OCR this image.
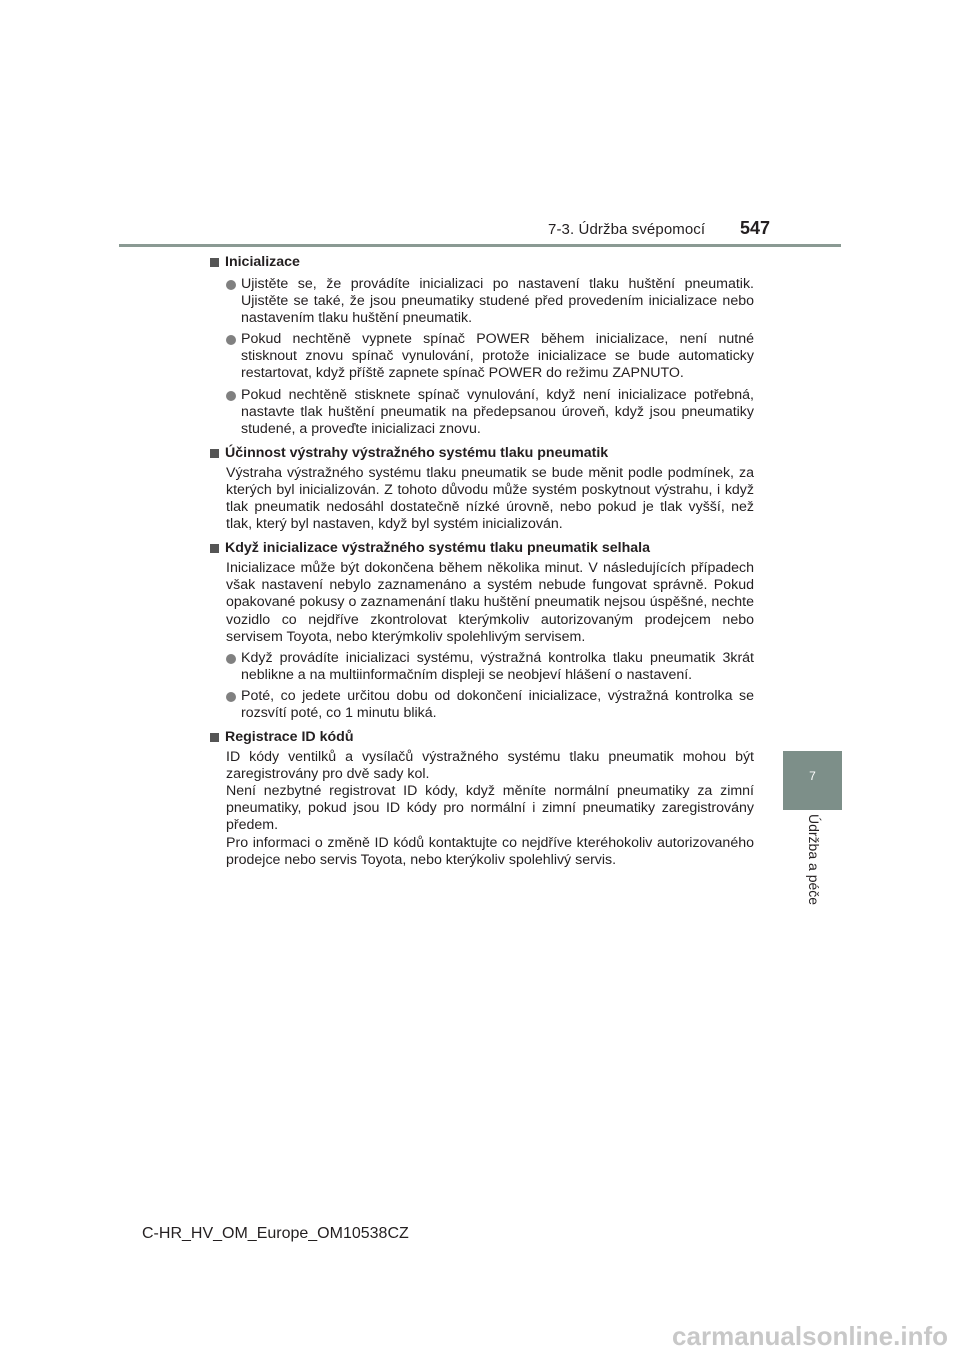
7-3. Údržba svépomocí 547
7
Údržba a péče
Inicializace
Ujistěte se, že provádíte inicializaci po nastavení tlaku huštění pneumatik. Ujistěte se také, že jsou pneumatiky studené před provedením inicializace nebo nastavením tlaku huštění pneumatik.
Pokud nechtěně vypnete spínač POWER během inicializace, není nutné stisknout znovu spínač vynulování, protože inicializace se bude automaticky restartovat, když příště zapnete spínač POWER do režimu ZAPNUTO.
Pokud nechtěně stisknete spínač vynulování, když není inicializace potřebná, nastavte tlak huštění pneumatik na předepsanou úroveň, když jsou pneumatiky studené, a proveďte inicializaci znovu.
Účinnost výstrahy výstražného systému tlaku pneumatik
Výstraha výstražného systému tlaku pneumatik se bude měnit podle podmínek, za kterých byl inicializován. Z tohoto důvodu může systém poskytnout výstrahu, i když tlak pneumatik nedosáhl dostatečně nízké úrovně, nebo pokud je tlak vyšší, než tlak, který byl nastaven, když byl systém inicializován.
Když inicializace výstražného systému tlaku pneumatik selhala
Inicializace může být dokončena během několika minut. V následujících případech však nastavení nebylo zaznamenáno a systém nebude fungovat správně. Pokud opakované pokusy o zaznamenání tlaku huštění pneumatik nejsou úspěšné, nechte vozidlo co nejdříve zkontrolovat kterýmkoliv autorizovaným prodejcem nebo servisem Toyota, nebo kterýmkoliv spolehlivým servisem.
Když provádíte inicializaci systému, výstražná kontrolka tlaku pneumatik 3krát neblikne a na multiinformačním displeji se neobjeví hlášení o nastavení.
Poté, co jedete určitou dobu od dokončení inicializace, výstražná kontrolka se rozsvítí poté, co 1 minutu bliká.
Registrace ID kódů
ID kódy ventilků a vysílačů výstražného systému tlaku pneumatik mohou být zaregistrovány pro dvě sady kol.
Není nezbytné registrovat ID kódy, když měníte normální pneumatiky za zimní pneumatiky, pokud jsou ID kódy pro normální i zimní pneumatiky zaregistrovány předem.
Pro informaci o změně ID kódů kontaktujte co nejdříve kteréhokoliv autorizovaného prodejce nebo servis Toyota, nebo kterýkoliv spolehlivý servis.
C-HR_HV_OM_Europe_OM10538CZ
carmanualsonline.info
